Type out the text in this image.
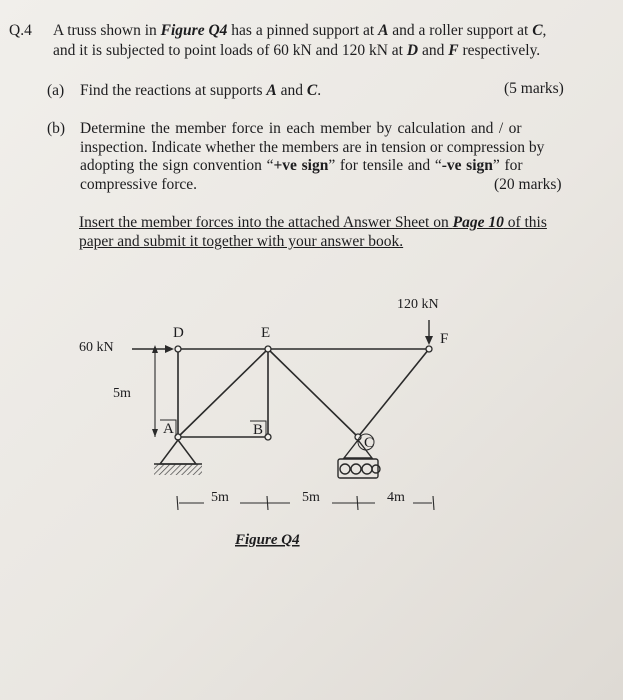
Q.4 A truss shown in Figure Q4 has a pinned support at A and a roller support at C,
and it is subjected to point loads of 60 kN and 120 kN at D and F respectively.
(a) Find the reactions at supports A and C.	(5 marks)
(b) Determine the member force in each member by calculation and / or
inspection. Indicate whether the members are in tension or compression by
adopting the sign convention “+ve sign” for tensile and “-ve sign” for
compressive force.	(20 marks)
Insert the member forces into the attached Answer Sheet on Page 10 of this
paper and submit it together with your answer book.
D	E	F
A	B
C
60 kN
120 kN
5m
5m	5m	4m
Figure Q4
